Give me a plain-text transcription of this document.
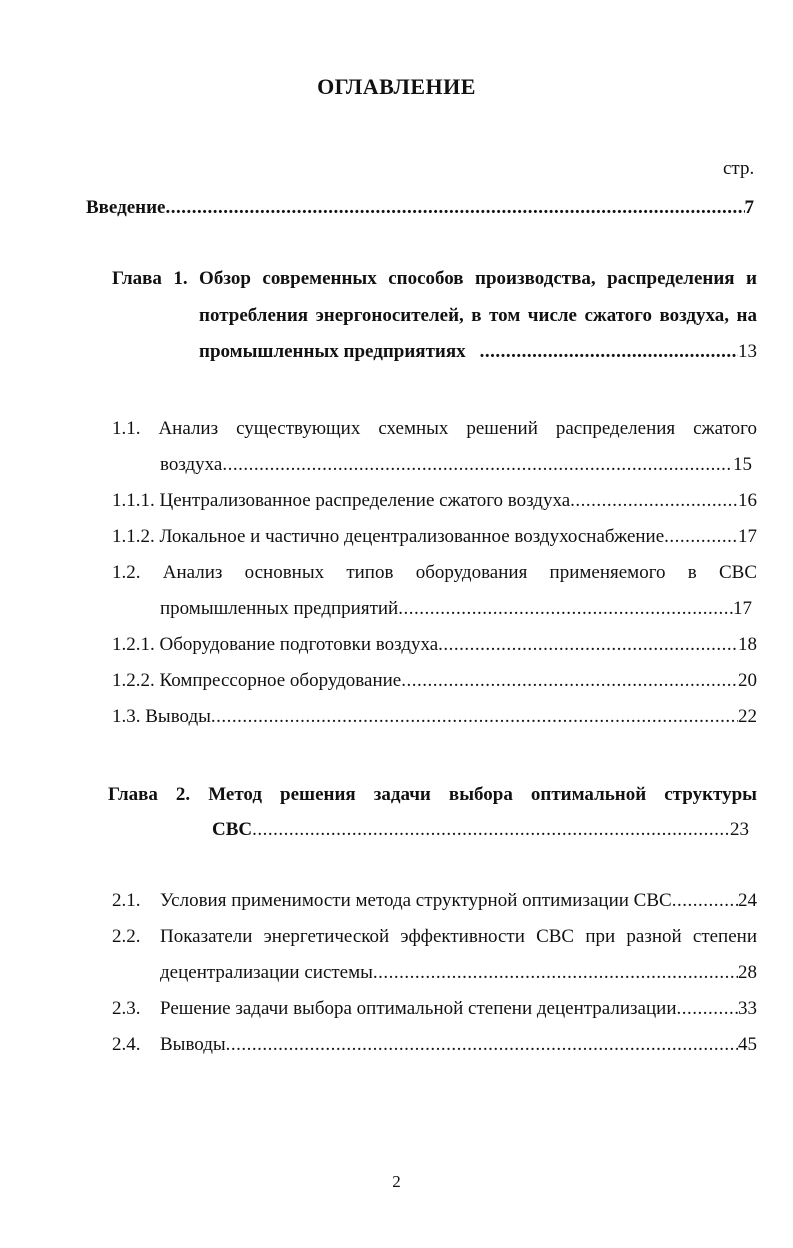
ОГЛАВЛЕНИЕ
стр.
Введение .....	7
Глава 1. Обзор современных способов производства, распределения и
потребления энергоносителей, в том числе сжатого воздуха, на
промышленных предприятиях .....	13
1.1. Анализ существующих схемных решений распределения сжатого
воздуха .....	15
1.1.1. Централизованное распределение сжатого воздуха .....	16
1.1.2. Локальное и частично децентрализованное воздухоснабжение .....	17
1.2. Анализ основных типов оборудования применяемого в СВС
промышленных предприятий .....	17
1.2.1. Оборудование подготовки воздуха .....	18
1.2.2. Компрессорное оборудование .....	20
1.3. Выводы .....	22
Глава 2. Метод решения задачи выбора оптимальной структуры
СВС .....	23
2.1. Условия применимости метода структурной оптимизации СВС .....	24
2.2. Показатели энергетической эффективности СВС при разной степени
децентрализации системы .....	28
2.3. Решение задачи выбора оптимальной степени децентрализации .....	33
2.4. Выводы .....	45
2
